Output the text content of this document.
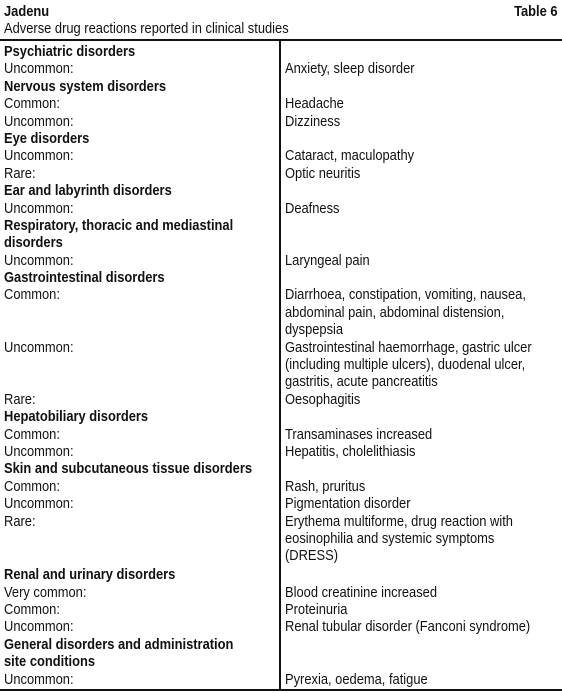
Jadenu	Table 6
Adverse drug reactions reported in clinical studies
Psychiatric disorders
Uncommon:	Anxiety, sleep disorder
Nervous system disorders
Common:	Headache
Uncommon:	Dizziness
Eye disorders
Uncommon:	Cataract, maculopathy
Rare:	Optic neuritis
Ear and labyrinth disorders
Uncommon:	Deafness
Respiratory, thoracic and mediastinal
disorders
Uncommon:	Laryngeal pain
Gastrointestinal disorders
Common:	Diarrhoea, constipation, vomiting, nausea,
abdominal pain, abdominal distension,
dyspepsia
Uncommon:	Gastrointestinal haemorrhage, gastric ulcer
(including multiple ulcers), duodenal ulcer,
gastritis, acute pancreatitis
Rare:	Oesophagitis
Hepatobiliary disorders
Common:	Transaminases increased
Uncommon:	Hepatitis, cholelithiasis
Skin and subcutaneous tissue disorders
Common:	Rash, pruritus
Uncommon:	Pigmentation disorder
Rare:	Erythema multiforme, drug reaction with
eosinophilia and systemic symptoms
(DRESS)
Renal and urinary disorders
Very common:	Blood creatinine increased
Common:	Proteinuria
Uncommon:	Renal tubular disorder (Fanconi syndrome)
General disorders and administration
site conditions
Uncommon:	Pyrexia, oedema, fatigue
